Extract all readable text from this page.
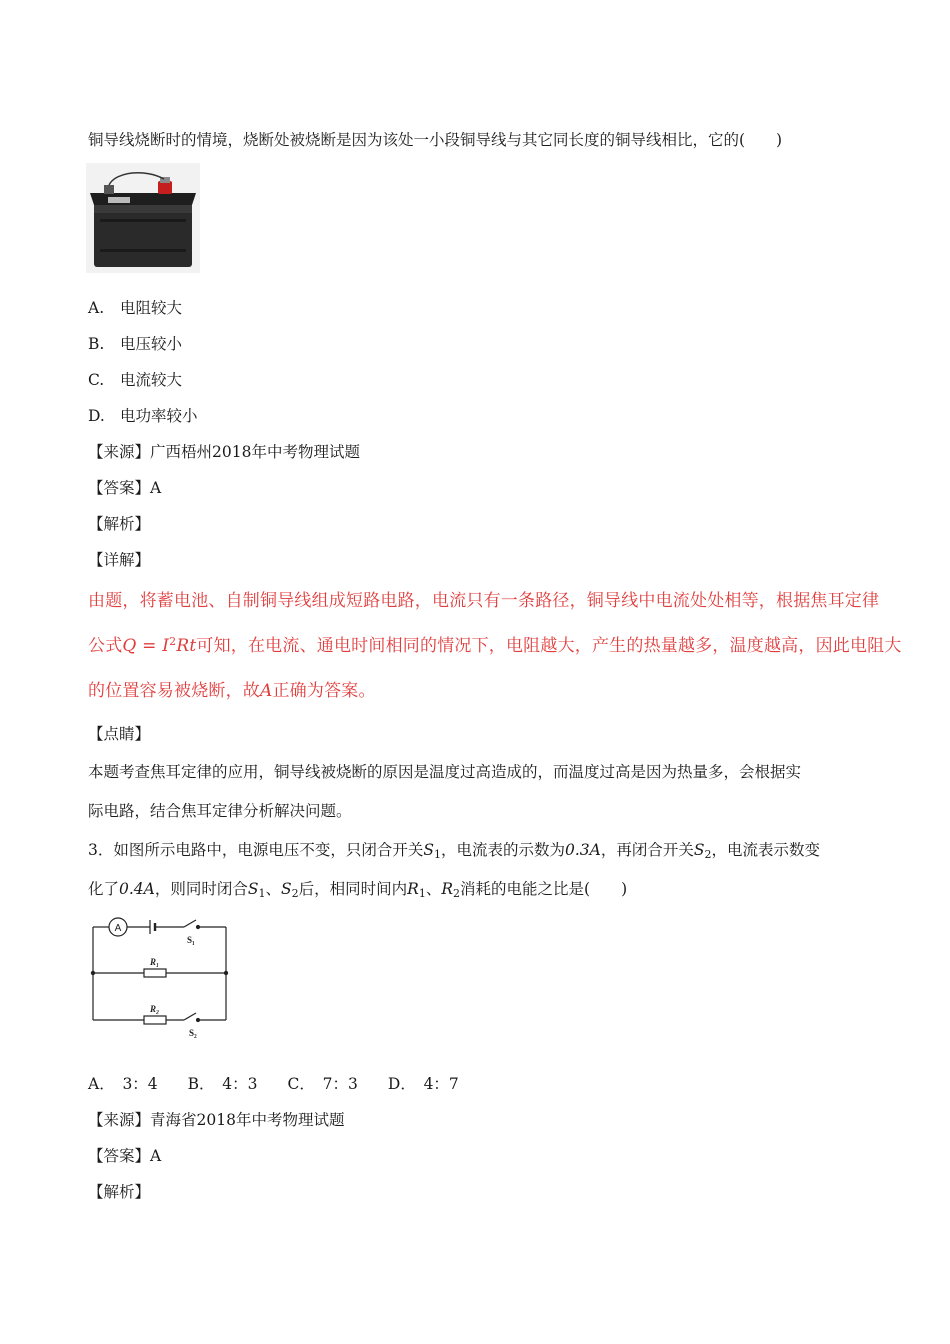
铜导线烧断时的情境，烧断处被烧断是因为该处一小段铜导线与其它同长度的铜导线相比，它的(　　)
A. 电阻较大
B. 电压较小
C. 电流较大
D. 电功率较小
【来源】广西梧州2018年中考物理试题
【答案】A
【解析】
【详解】
由题，将蓄电池、自制铜导线组成短路电路，电流只有一条路径，铜导线中电流处处相等，根据焦耳定律
公式$Q = I^2Rt$可知，在电流、通电时间相同的情况下，电阻越大，产生的热量越多，温度越高，因此电阻大
的位置容易被烧断，故A正确为答案。
【点睛】
本题考查焦耳定律的应用，铜导线被烧断的原因是温度过高造成的，而温度过高是因为热量多，会根据实
际电路，结合焦耳定律分析解决问题。
3．如图所示电路中，电源电压不变，只闭合开关$S_1$，电流表的示数为0.3A，再闭合开关$S_2$，电流表示数变
化了0.4A，则同时闭合$S_1$、$S_2$后，相同时间内$R_1$、$R_2$消耗的电能之比是(　　)
A
S₁
R₁
R₂
S₂
A．　3：4 B．　4：3 C．　7：3 D．　4：7
【来源】青海省2018年中考物理试题
【答案】A
【解析】
